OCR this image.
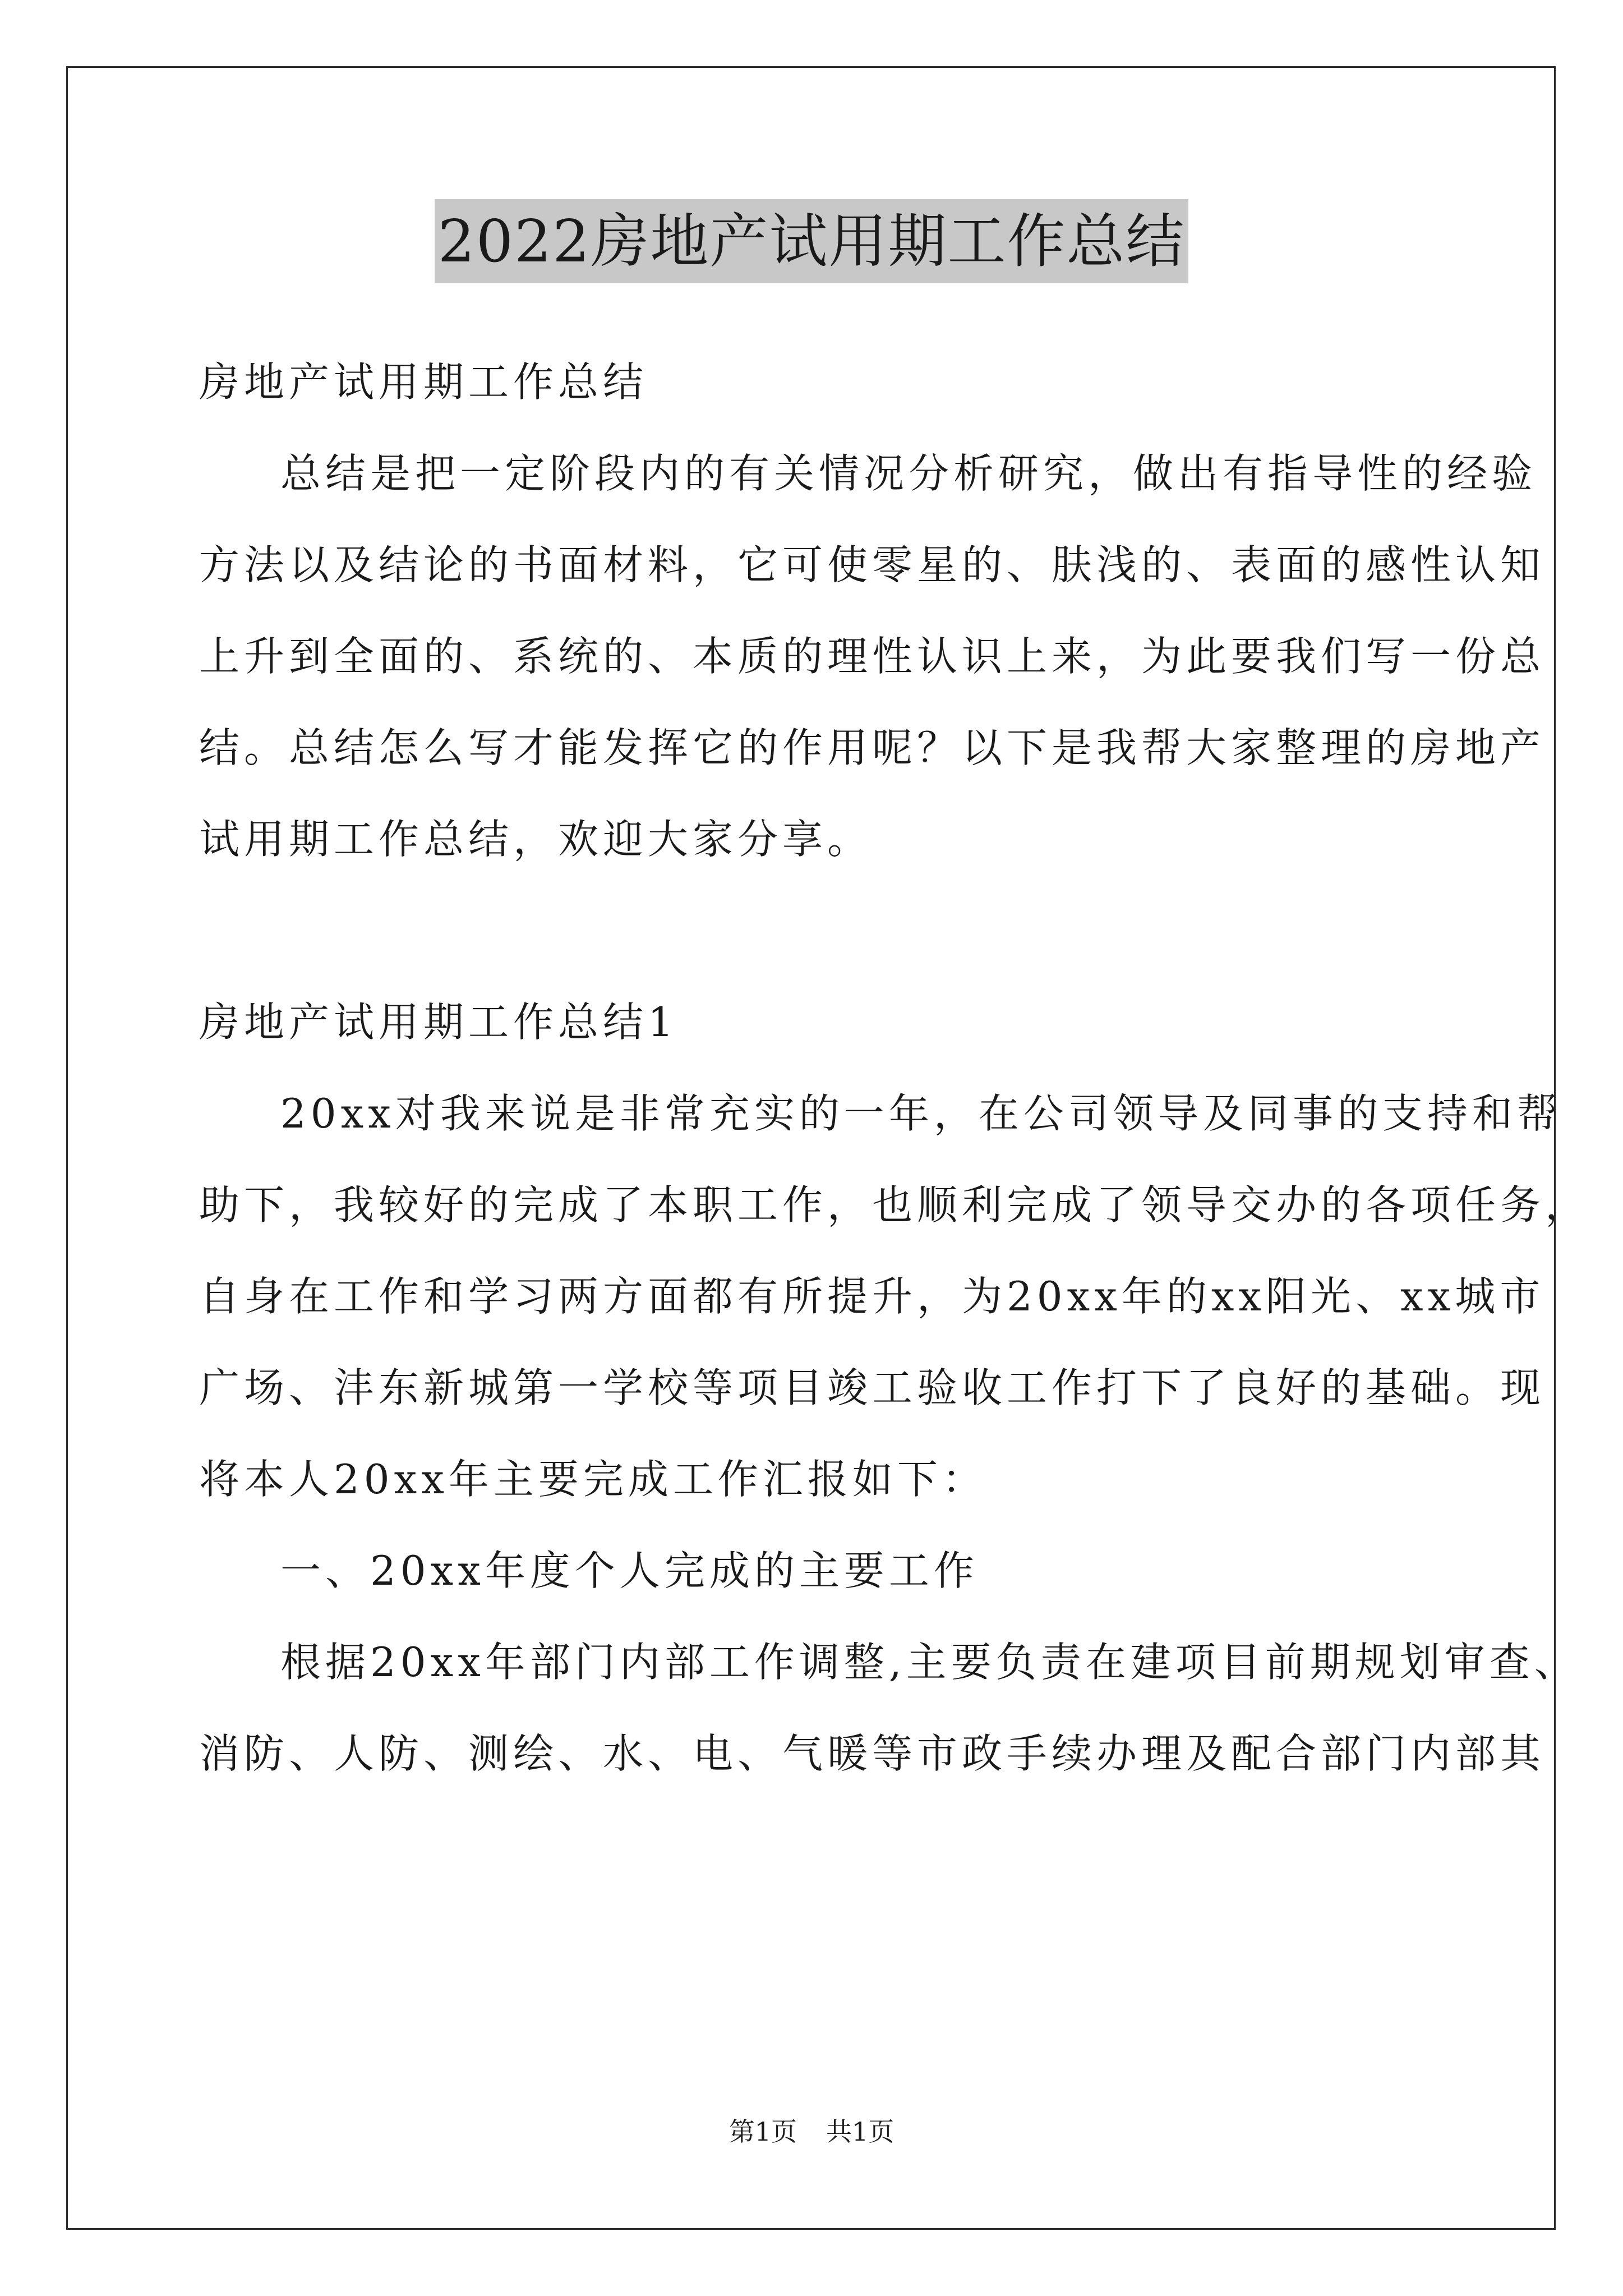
2022房地产试用期工作总结
房地产试用期工作总结
总结是把一定阶段内的有关情况分析研究，做出有指导性的经验
方法以及结论的书面材料，它可使零星的、肤浅的、表面的感性认知
上升到全面的、系统的、本质的理性认识上来，为此要我们写一份总
结。总结怎么写才能发挥它的作用呢？以下是我帮大家整理的房地产
试用期工作总结，欢迎大家分享。
房地产试用期工作总结1
20xx对我来说是非常充实的一年，在公司领导及同事的支持和帮
助下，我较好的完成了本职工作，也顺利完成了领导交办的各项任务，
自身在工作和学习两方面都有所提升，为20xx年的xx阳光、xx城市
广场、沣东新城第一学校等项目竣工验收工作打下了良好的基础。现
将本人20xx年主要完成工作汇报如下：
一、20xx年度个人完成的主要工作
根据20xx年部门内部工作调整,主要负责在建项目前期规划审查、
消防、人防、测绘、水、电、气暖等市政手续办理及配合部门内部其
第1页 共1页
